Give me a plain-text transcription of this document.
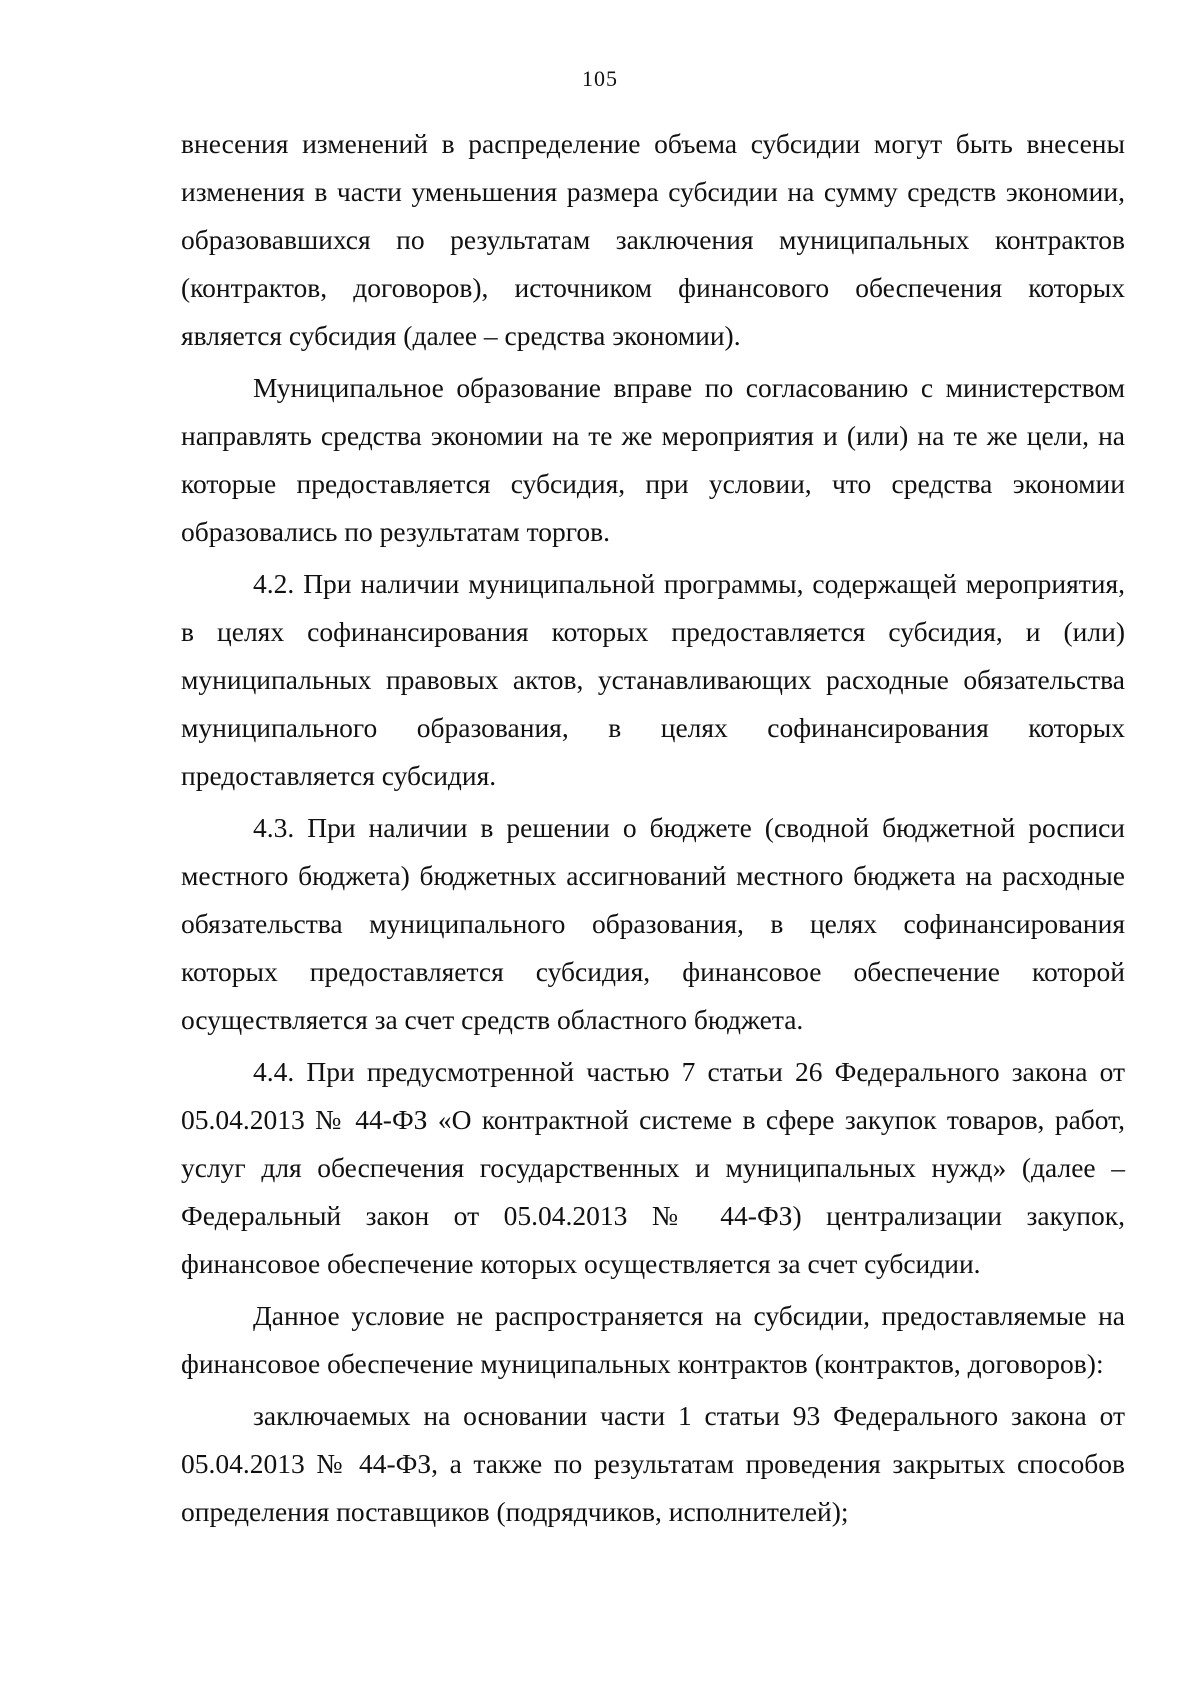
105

внесения изменений в распределение объема субсидии могут быть внесены изменения в части уменьшения размера субсидии на сумму средств экономии, образовавшихся по результатам заключения муниципальных контрактов (контрактов, договоров), источником финансового обеспечения которых является субсидия (далее – средства экономии).

Муниципальное образование вправе по согласованию с министерством направлять средства экономии на те же мероприятия и (или) на те же цели, на которые предоставляется субсидия, при условии, что средства экономии образовались по результатам торгов.

4.2. При наличии муниципальной программы, содержащей мероприятия, в целях софинансирования которых предоставляется субсидия, и (или) муниципальных правовых актов, устанавливающих расходные обязательства муниципального образования, в целях софинансирования которых предоставляется субсидия.

4.3. При наличии в решении о бюджете (сводной бюджетной росписи местного бюджета) бюджетных ассигнований местного бюджета на расходные обязательства муниципального образования, в целях софинансирования которых предоставляется субсидия, финансовое обеспечение которой осуществляется за счет средств областного бюджета.

4.4. При предусмотренной частью 7 статьи 26 Федерального закона от 05.04.2013 № 44-ФЗ «О контрактной системе в сфере закупок товаров, работ, услуг для обеспечения государственных и муниципальных нужд» (далее – Федеральный закон от 05.04.2013 № 44-ФЗ) централизации закупок, финансовое обеспечение которых осуществляется за счет субсидии.

Данное условие не распространяется на субсидии, предоставляемые на финансовое обеспечение муниципальных контрактов (контрактов, договоров):

заключаемых на основании части 1 статьи 93 Федерального закона от 05.04.2013 № 44-ФЗ, а также по результатам проведения закрытых способов определения поставщиков (подрядчиков, исполнителей);
